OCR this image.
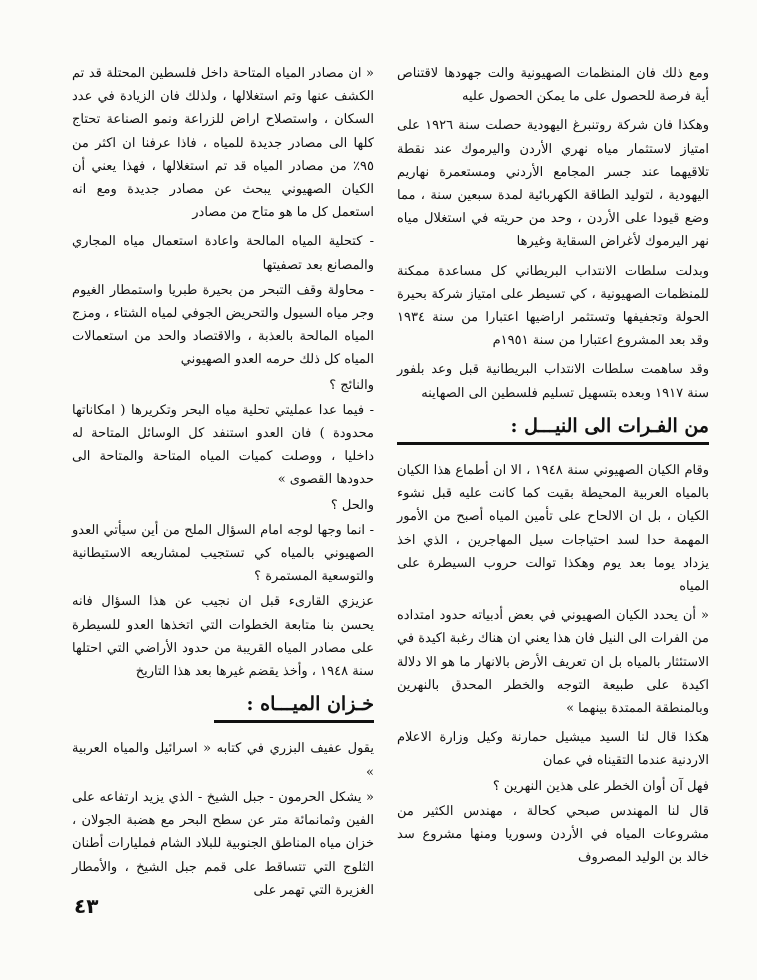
ومع ذلك فان المنظمات الصهيونية والت جهودها لاقتناص أية فرصة للحصول على ما يمكن الحصول عليه

وهكذا فان شركة روتنبرغ اليهودية حصلت سنة ١٩٢٦ على امتياز لاستثمار مياه نهري الأردن واليرموك عند نقطة تلاقيهما عند جسر المجامع الأردني ومستعمرة نهاريم اليهودية ، لتوليد الطاقة الكهربائية لمدة سبعين سنة ، مما وضع قيودا على الأردن ، وحد من حريته في استغلال مياه نهر اليرموك لأغراض السقاية وغيرها

وبدلت سلطات الانتداب البريطاني كل مساعدة ممكنة للمنظمات الصهيونية ، كي تسيطر على امتياز شركة بحيرة الحولة وتجفيفها وتستثمر اراضيها اعتبارا من سنة ١٩٣٤ وقد بعد المشروع اعتبارا من سنة ١٩٥١م

وقد ساهمت سلطات الانتداب البريطانية قبل وعد بلفور سنة ١٩١٧ وبعده بتسهيل تسليم فلسطين الى الصهاينه

من الفـرات الى النيـــل :

وقام الكيان الصهيوني سنة ١٩٤٨ ، الا ان أطماع هذا الكيان بالمياه العربية المحيطة بقيت كما كانت عليه قبل نشوء الكيان ، بل ان الالحاح على تأمين المياه أصبح من الأمور المهمة حدا لسد احتياجات سيل المهاجرين ، الذي اخذ يزداد يوما بعد يوم وهكذا توالت حروب السيطرة على المياه

« أن يحدد الكيان الصهيوني في بعض أدبياته حدود امتداده من الفرات الى النيل فان هذا يعني ان هناك رغبة اكيدة في الاستئثار بالمياه بل ان تعريف الأرض بالانهار ما هو الا دلالة اكيدة على طبيعة التوجه والخطر المحدق بالنهرين وبالمنطقة الممتدة بينهما »

هكذا قال لنا السيد ميشيل حمارنة وكيل وزارة الاعلام الاردنية عندما التقيناه في عمان

فهل آن أوان الخطر على هذين النهرين ؟

قال لنا المهندس صبحي كحالة ، مهندس الكثير من مشروعات المياه في الأردن وسوريا ومنها مشروع سد خالد بن الوليد المصروف

« ان مصادر المياه المتاحة داخل فلسطين المحتلة قد تم الكشف عنها وتم استغلالها ، ولذلك فان الزيادة في عدد السكان ، واستصلاح اراض للزراعة ونمو الصناعة تحتاج كلها الى مصادر جديدة للمياه ، فاذا عرفنا ان اكثر من ٩٥٪ من مصادر المياه قد تم استغلالها ، فهذا يعني أن الكيان الصهيوني يبحث عن مصادر جديدة ومع انه استعمل كل ما هو متاح من مصادر

- كتحلية المياه المالحة واعادة استعمال مياه المجاري والمصانع بعد تصفيتها

- محاولة وقف التبحر من بحيرة طبريا واستمطار الغيوم وجر مياه السيول والتحريض الجوفي لمياه الشتاء ، ومزج المياه المالحة بالعذبة ، والاقتصاد والحد من استعمالات المياه كل ذلك حرمه العدو الصهيوني

والنائج ؟

- فيما عدا عمليتي تحلية مياه البحر وتكريرها ( امكاناتها محدودة ) فان العدو استنفد كل الوسائل المتاحة له داخليا ، ووصلت كميات المياه المتاحة والمتاحة الى حدودها القصوى »

والحل ؟

- انما وجها لوجه امام السؤال الملح من أين سيأتي العدو الصهيوني بالمياه كي تستجيب لمشاريعه الاستيطانية والتوسعية المستمرة ؟

عزيزي القارىء قبل ان نجيب عن هذا السؤال فانه يحسن بنا متابعة الخطوات التي اتخذها العدو للسيطرة على مصادر المياه القريبة من حدود الأراضي التي احتلها سنة ١٩٤٨ ، وأخذ يقضم غيرها بعد هذا التاريخ

خـزان الميـــاه :

يقول عفيف البزري في كتابه « اسرائيل والمياه العربية »

« يشكل الحرمون - جبل الشيخ - الذي يزيد ارتفاعه على الفين وثمانمائة متر عن سطح البحر مع هضبة الجولان ، خزان مياه المناطق الجنوبية للبلاد الشام فمليارات أطنان الثلوج التي تتساقط على قمم جبل الشيخ ، والأمطار الغزيرة التي تهمر على

٤٣
